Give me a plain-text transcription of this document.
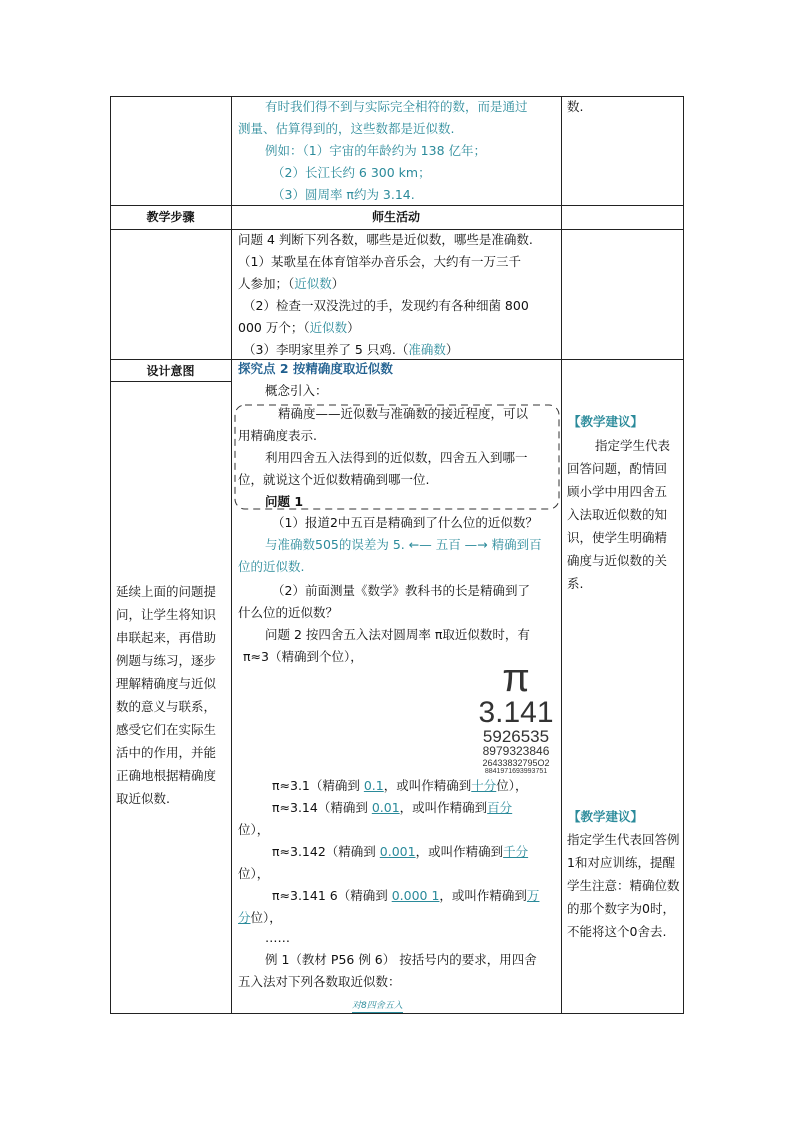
有时我们得不到与实际完全相符的数，而是通过
测量、估算得到的，这些数都是近似数.
例如：（1）宇宙的年龄约为 138 亿年；
（2）长江长约 6 300 km；
（3）圆周率 π约为 3.14.
数.
教学步骤	师生活动
问题 4 判断下列各数，哪些是近似数，哪些是准确数.
（1）某歌星在体育馆举办音乐会，大约有一万三千
人参加；（近似数）
（2）检查一双没洗过的手，发现约有各种细菌 800
000 万个；（近似数）
（3）李明家里养了 5 只鸡.（准确数）
设计意图
延续上面的问题提问，让学生将知识串联起来，再借助例题与练习，逐步理解精确度与近似数的意义与联系，感受它们在实际生活中的作用，并能正确地根据精确度取近似数.
探究点 2 按精确度取近似数
概念引入：
精确度——近似数与准确数的接近程度，可以
用精确度表示.
利用四舍五入法得到的近似数，四舍五入到哪一
位，就说这个近似数精确到哪一位.
问题 1
（1）报道2中五百是精确到了什么位的近似数？
与准确数505的误差为 5. ←— 五百 —→ 精确到百
位的近似数.
（2）前面测量《数学》教科书的长是精确到了
什么位的近似数？
问题 2 按四舍五入法对圆周率 π取近似数时，有
π≈3（精确到个位），	π
3.141
5926535
8979323846
26433832795O2
8841971693993751
π≈3.1（精确到 0.1，或叫作精确到十分位），
π≈3.14（精确到 0.01，或叫作精确到百分
位），
π≈3.142（精确到 0.001，或叫作精确到千分
位），
π≈3.141 6（精确到 0.000 1，或叫作精确到万
分位），
……
例 1（教材 P56 例 6） 按括号内的要求，用四舍
五入法对下列各数取近似数：
对8四舍五入
【教学建议】
指定学生代表回答问题，酌情回顾小学中用四舍五入法取近似数的知识，使学生明确精确度与近似数的关系.
【教学建议】
指定学生代表回答例1和对应训练，提醒学生注意：精确位数的那个数字为0时，不能将这个0舍去.
